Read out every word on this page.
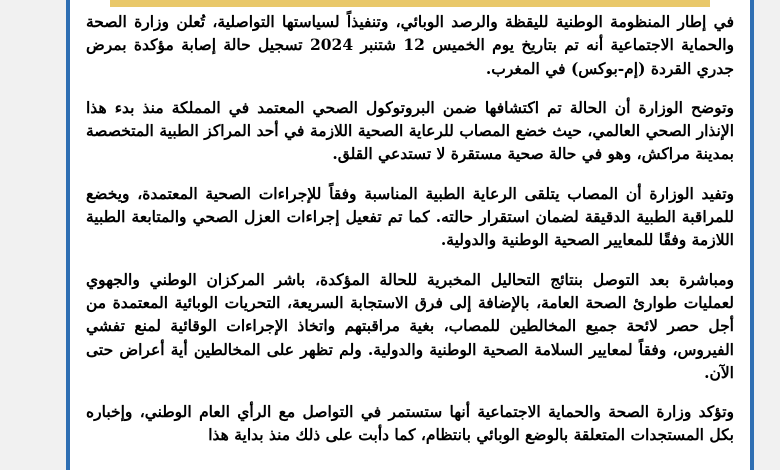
في إطار المنظومة الوطنية لليقظة والرصد الوبائي، وتنفيذاً لسياستها التواصلية، تُعلن وزارة الصحة والحماية الاجتماعية أنه تم بتاريخ يوم الخميس 12 شتنبر 2024 تسجيل حالة إصابة مؤكدة بمرض جدري القردة (إم-بوكس) في المغرب.

وتوضح الوزارة أن الحالة تم اكتشافها ضمن البروتوكول الصحي المعتمد في المملكة منذ بدء هذا الإنذار الصحي العالمي، حيث خضع المصاب للرعاية الصحية اللازمة في أحد المراكز الطبية المتخصصة بمدينة مراكش، وهو في حالة صحية مستقرة لا تستدعي القلق.

وتفيد الوزارة أن المصاب يتلقى الرعاية الطبية المناسبة وفقاً للإجراءات الصحية المعتمدة، ويخضع للمراقبة الطبية الدقيقة لضمان استقرار حالته. كما تم تفعيل إجراءات العزل الصحي والمتابعة الطبية اللازمة وفقًا للمعايير الصحية الوطنية والدولية.

ومباشرة بعد التوصل بنتائج التحاليل المخبرية للحالة المؤكدة، باشر المركزان الوطني والجهوي لعمليات طوارئ الصحة العامة، بالإضافة إلى فرق الاستجابة السريعة، التحريات الوبائية المعتمدة من أجل حصر لائحة جميع المخالطين للمصاب، بغية مراقبتهم واتخاذ الإجراءات الوقائية لمنع تفشي الفيروس، وفقاً لمعايير السلامة الصحية الوطنية والدولية. ولم تظهر على المخالطين أية أعراض حتى الآن.

وتؤكد وزارة الصحة والحماية الاجتماعية أنها ستستمر في التواصل مع الرأي العام الوطني، وإخباره بكل المستجدات المتعلقة بالوضع الوبائي بانتظام، كما دأبت على ذلك منذ بداية هذا
